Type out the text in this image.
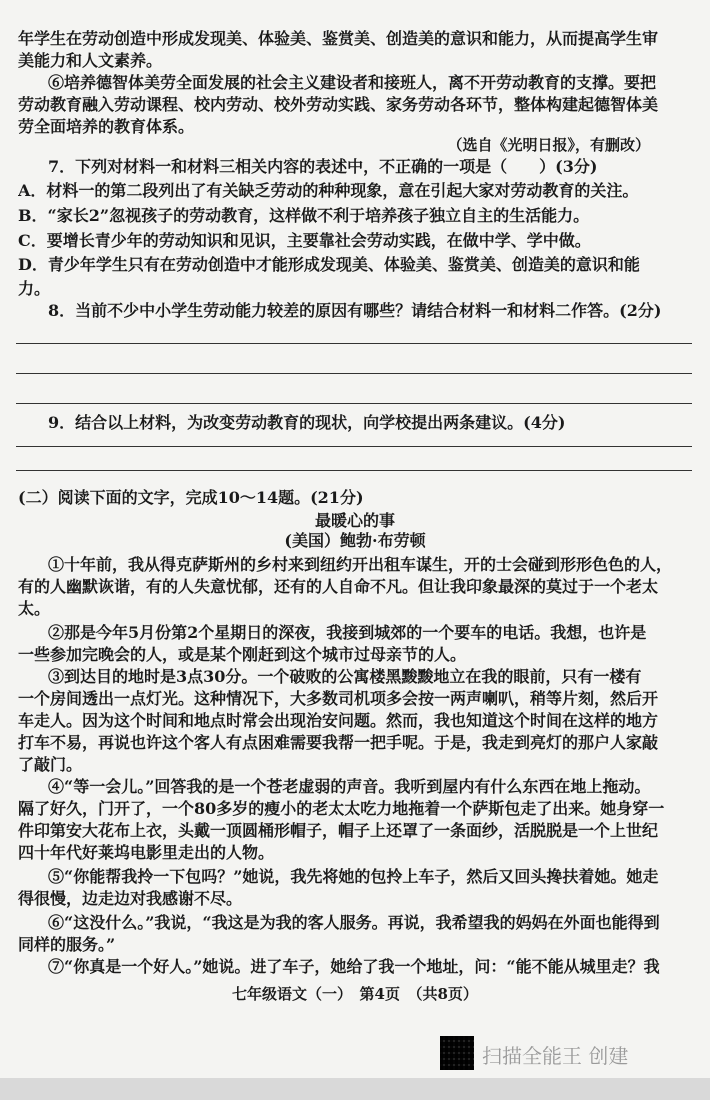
年学生在劳动创造中形成发现美、体验美、鉴赏美、创造美的意识和能力，从而提高学生审
美能力和人文素养。
⑥培养德智体美劳全面发展的社会主义建设者和接班人，离不开劳动教育的支撑。要把
劳动教育融入劳动课程、校内劳动、校外劳动实践、家务劳动各环节，整体构建起德智体美
劳全面培养的教育体系。
（选自《光明日报》，有删改）
7．下列对材料一和材料三相关内容的表述中，不正确的一项是（　　）(3分)
A．材料一的第二段列出了有关缺乏劳动的种种现象，意在引起大家对劳动教育的关注。
B．“家长2”忽视孩子的劳动教育，这样做不利于培养孩子独立自主的生活能力。
C．要增长青少年的劳动知识和见识，主要靠社会劳动实践，在做中学、学中做。
D．青少年学生只有在劳动创造中才能形成发现美、体验美、鉴赏美、创造美的意识和能
力。
8．当前不少中小学生劳动能力较差的原因有哪些？请结合材料一和材料二作答。(2分)
9．结合以上材料，为改变劳动教育的现状，向学校提出两条建议。(4分)
(二）阅读下面的文字，完成10～14题。(21分)
最暖心的事
(美国）鲍勃·布劳顿
①十年前，我从得克萨斯州的乡村来到纽约开出租车谋生，开的士会碰到形形色色的人，
有的人幽默诙谐，有的人失意忧郁，还有的人自命不凡。但让我印象最深的莫过于一个老太
太。
②那是今年5月份第2个星期日的深夜，我接到城郊的一个要车的电话。我想，也许是
一些参加完晚会的人，或是某个刚赶到这个城市过母亲节的人。
③到达目的地时是3点30分。一个破败的公寓楼黑黢黢地立在我的眼前，只有一楼有
一个房间透出一点灯光。这种情况下，大多数司机项多会按一两声喇叭，稍等片刻，然后开
车走人。因为这个时间和地点时常会出现治安问题。然而，我也知道这个时间在这样的地方
打车不易，再说也许这个客人有点困难需要我帮一把手呢。于是，我走到亮灯的那户人家敲
了敲门。
④“等一会儿。”回答我的是一个苍老虚弱的声音。我听到屋内有什么东西在地上拖动。
隔了好久，门开了，一个80多岁的瘦小的老太太吃力地拖着一个萨斯包走了出来。她身穿一
件印第安大花布上衣，头戴一顶圆桶形帽子，帽子上还罩了一条面纱，活脱脱是一个上世纪
四十年代好莱坞电影里走出的人物。
⑤“你能帮我拎一下包吗？”她说，我先将她的包拎上车子，然后又回头搀扶着她。她走
得很慢，边走边对我感谢不尽。
⑥“这没什么。”我说，“我这是为我的客人服务。再说，我希望我的妈妈在外面也能得到
同样的服务。”
⑦“你真是一个好人。”她说。进了车子，她给了我一个地址，问：“能不能从城里走？我
七年级语文（一）　第4页　（共8页）
扫描全能王 创建
